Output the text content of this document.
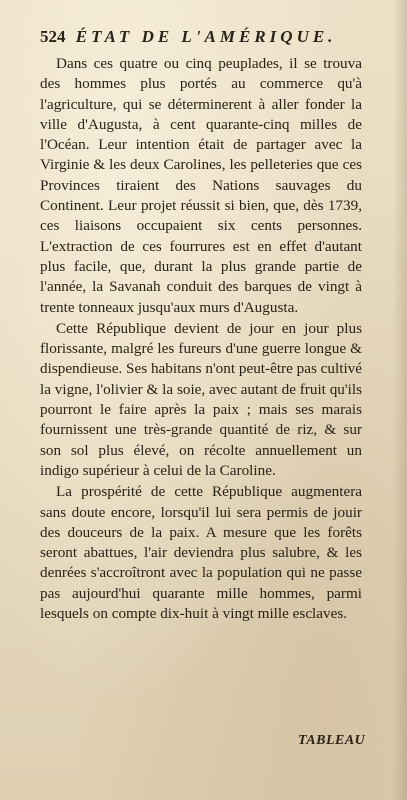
524 ÉTAT DE L'AMÉRIQUE.

Dans ces quatre ou cinq peuplades, il se trouva des hommes plus portés au commerce qu'à l'agriculture, qui se déterminerent à aller fonder la ville d'Augusta, à cent quarante-cinq milles de l'Océan. Leur intention était de partager avec la Virginie & les deux Carolines, les pelleteries que ces Provinces tiraient des Nations sauvages du Continent. Leur projet réussit si bien, que, dès 1739, ces liaisons occupaient six cents personnes. L'extraction de ces fourrures est en effet d'autant plus facile, que, durant la plus grande partie de l'année, la Savanah conduit des barques de vingt à trente tonneaux jusqu'aux murs d'Augusta.

Cette République devient de jour en jour plus florissante, malgré les fureurs d'une guerre longue & dispendieuse. Ses habitans n'ont peut-être pas cultivé la vigne, l'olivier & la soie, avec autant de fruit qu'ils pourront le faire après la paix ; mais ses marais fournissent une très-grande quantité de riz, & sur son sol plus élevé, on récolte annuellement un indigo supérieur à celui de la Caroline.

La prospérité de cette République augmentera sans doute encore, lorsqu'il lui sera permis de jouir des douceurs de la paix. A mesure que les forêts seront abattues, l'air deviendra plus salubre, & les denrées s'accroîtront avec la population qui ne passe pas aujourd'hui quarante mille hommes, parmi lesquels on compte dix-huit à vingt mille esclaves.

TABLEAU
